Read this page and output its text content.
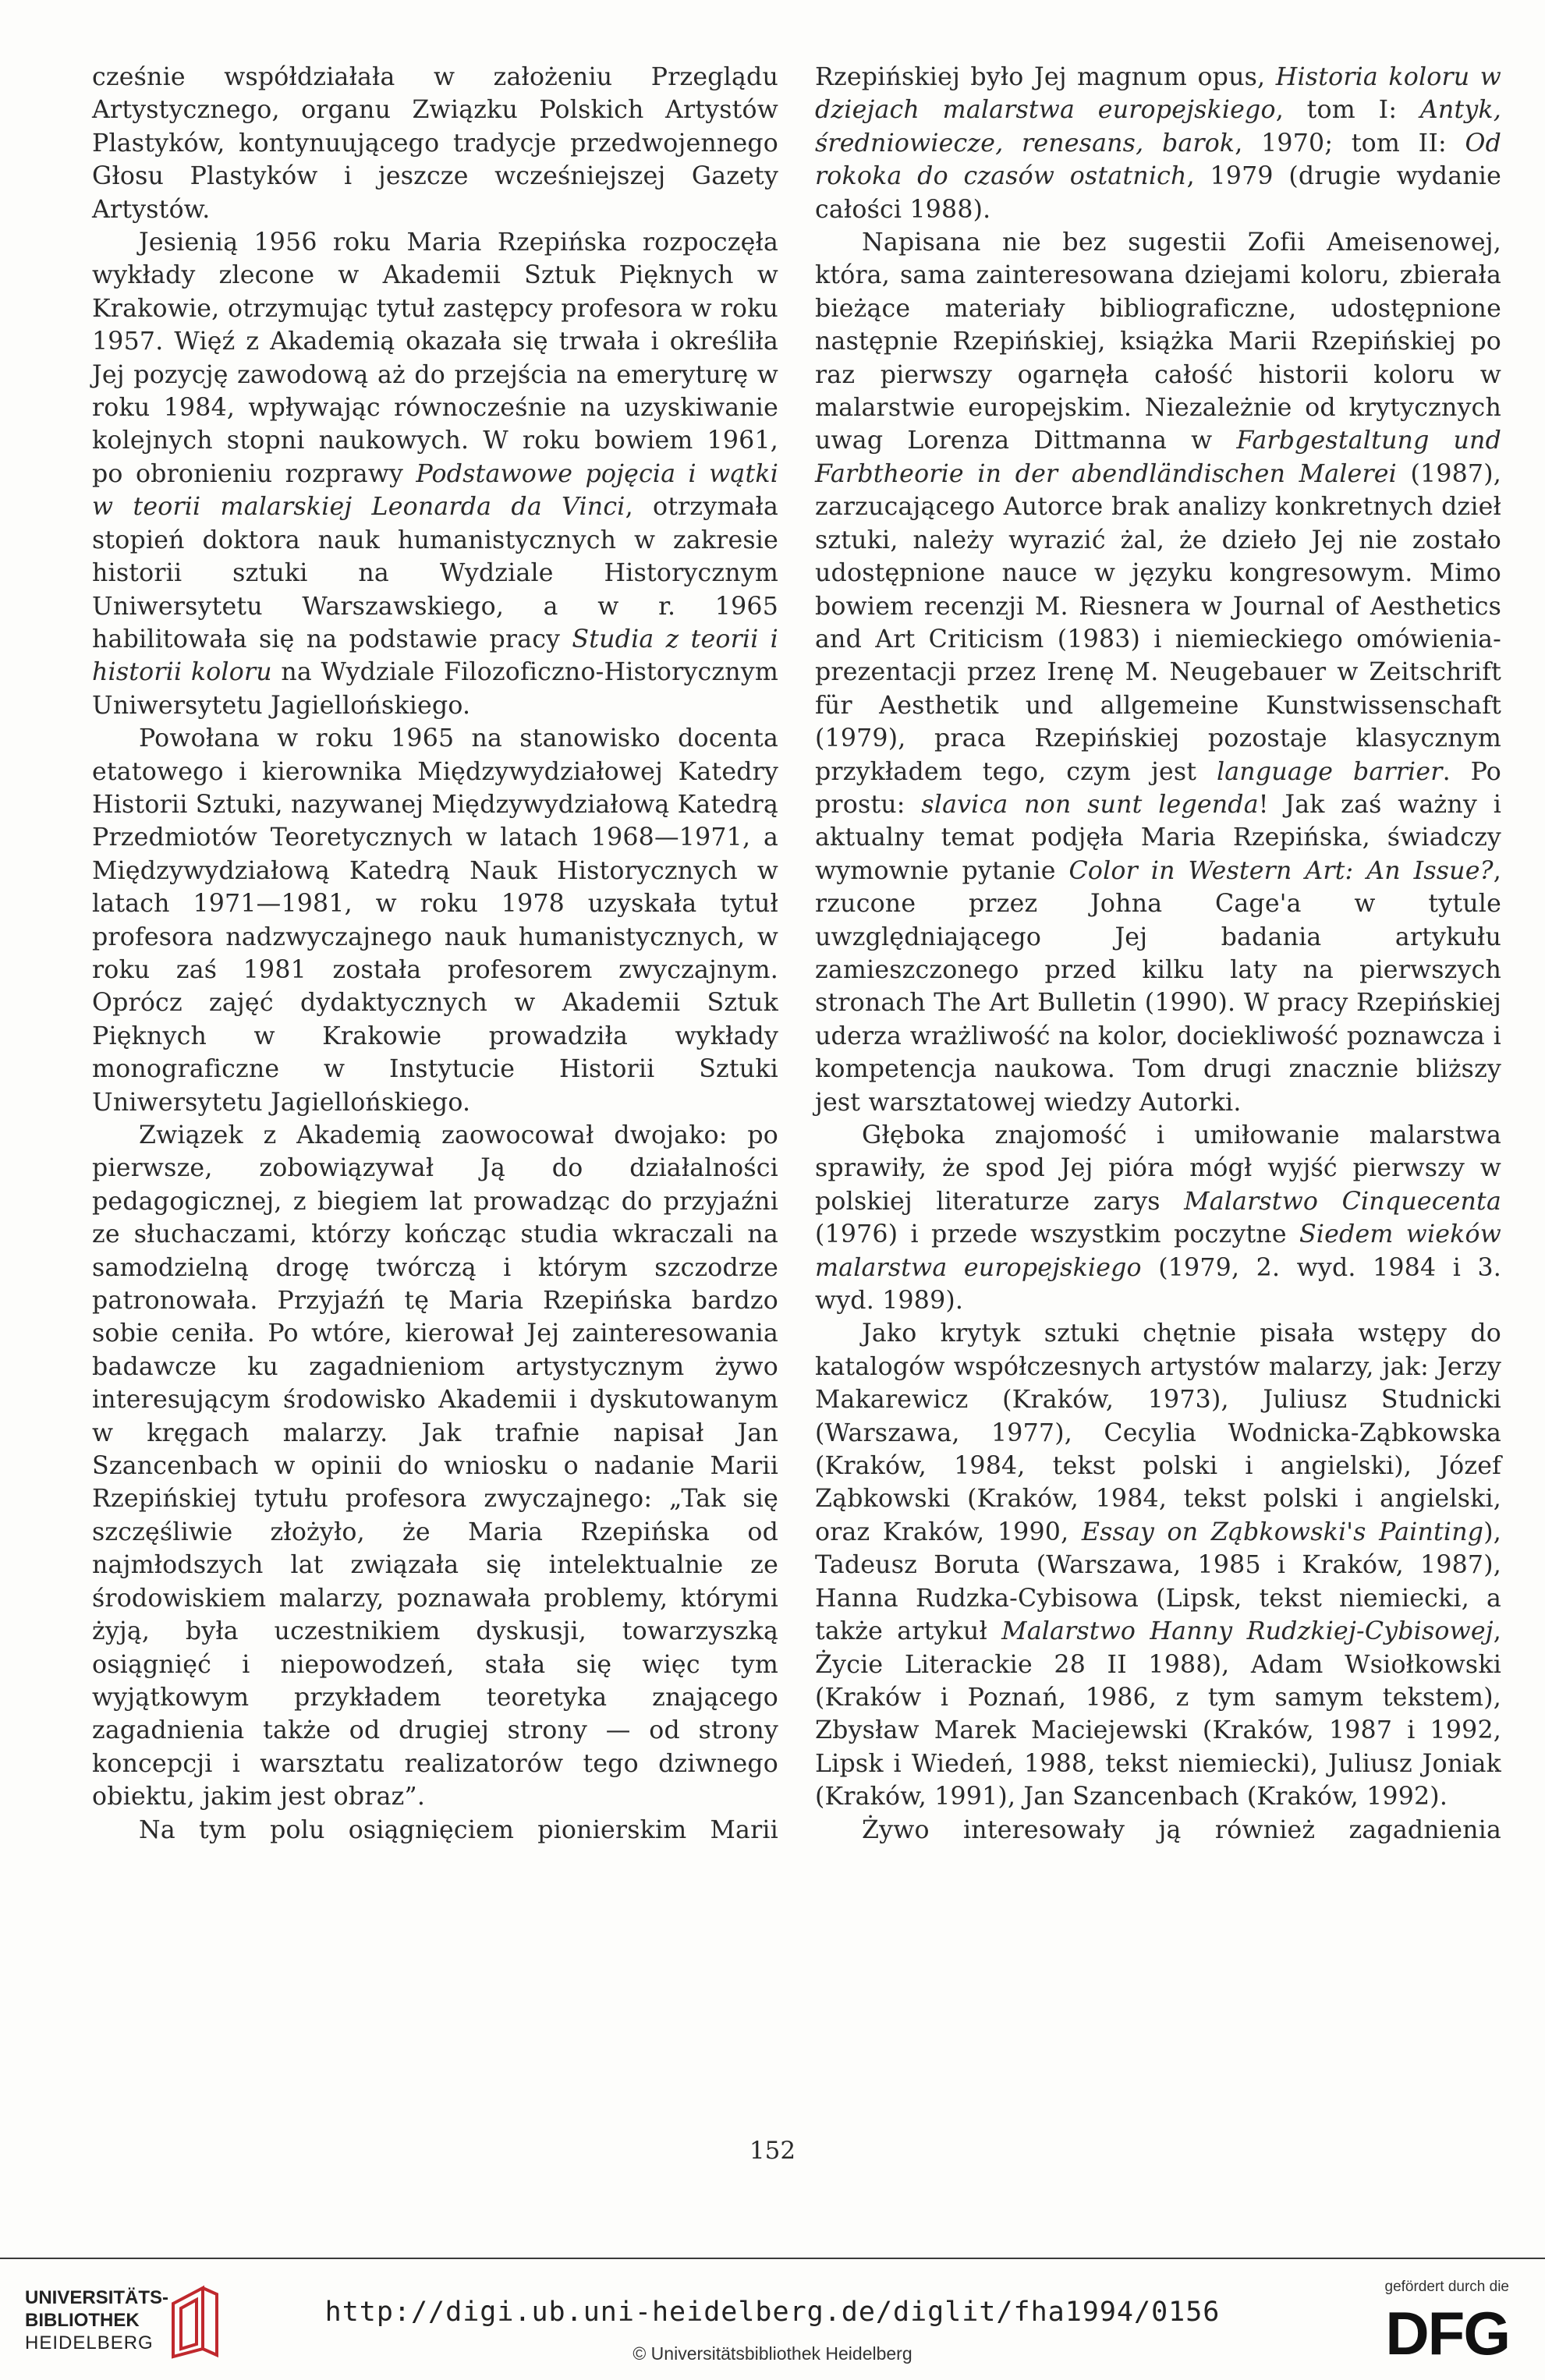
cześnie współdziałała w założeniu Przeglądu Artystycznego, organu Związku Polskich Artystów Plastyków, kontynuującego tradycje przedwojennego Głosu Plastyków i jeszcze wcześniejszej Gazety Artystów.

Jesienią 1956 roku Maria Rzepińska rozpoczęła wykłady zlecone w Akademii Sztuk Pięknych w Krakowie, otrzymując tytuł zastępcy profesora w roku 1957. Więź z Akademią okazała się trwała i określiła Jej pozycję zawodową aż do przejścia na emeryturę w roku 1984, wpływając równocześnie na uzyskiwanie kolejnych stopni naukowych. W roku bowiem 1961, po obronieniu rozprawy Podstawowe pojęcia i wątki w teorii malarskiej Leonarda da Vinci, otrzymała stopień doktora nauk humanistycznych w zakresie historii sztuki na Wydziale Historycznym Uniwersytetu Warszawskiego, a w r. 1965 habilitowała się na podstawie pracy Studia z teorii i historii koloru na Wydziale Filozoficzno-Historycznym Uniwersytetu Jagiellońskiego.

Powołana w roku 1965 na stanowisko docenta etatowego i kierownika Międzywydziałowej Katedry Historii Sztuki, nazywanej Międzywydziałową Katedrą Przedmiotów Teoretycznych w latach 1968—1971, a Międzywydziałową Katedrą Nauk Historycznych w latach 1971—1981, w roku 1978 uzyskała tytuł profesora nadzwyczajnego nauk humanistycznych, w roku zaś 1981 została profesorem zwyczajnym. Oprócz zajęć dydaktycznych w Akademii Sztuk Pięknych w Krakowie prowadziła wykłady monograficzne w Instytucie Historii Sztuki Uniwersytetu Jagiellońskiego.

Związek z Akademią zaowocował dwojako: po pierwsze, zobowiązywał Ją do działalności pedagogicznej, z biegiem lat prowadząc do przyjaźni ze słuchaczami, którzy kończąc studia wkraczali na samodzielną drogę twórczą i którym szczodrze patronowała. Przyjaźń tę Maria Rzepińska bardzo sobie ceniła. Po wtóre, kierował Jej zainteresowania badawcze ku zagadnieniom artystycznym żywo interesującym środowisko Akademii i dyskutowanym w kręgach malarzy. Jak trafnie napisał Jan Szancenbach w opinii do wniosku o nadanie Marii Rzepińskiej tytułu profesora zwyczajnego: „Tak się szczęśliwie złożyło, że Maria Rzepińska od najmłodszych lat związała się intelektualnie ze środowiskiem malarzy, poznawała problemy, którymi żyją, była uczestnikiem dyskusji, towarzyszką osiągnięć i niepowodzeń, stała się więc tym wyjątkowym przykładem teoretyka znającego zagadnienia także od drugiej strony — od strony koncepcji i warsztatu realizatorów tego dziwnego obiektu, jakim jest obraz”.

Na tym polu osiągnięciem pionierskim Marii

Rzepińskiej było Jej magnum opus, Historia koloru w dziejach malarstwa europejskiego, tom I: Antyk, średniowiecze, renesans, barok, 1970; tom II: Od rokoka do czasów ostatnich, 1979 (drugie wydanie całości 1988).

Napisana nie bez sugestii Zofii Ameisenowej, która, sama zainteresowana dziejami koloru, zbierała bieżące materiały bibliograficzne, udostępnione następnie Rzepińskiej, książka Marii Rzepińskiej po raz pierwszy ogarnęła całość historii koloru w malarstwie europejskim. Niezależnie od krytycznych uwag Lorenza Dittmanna w Farbgestaltung und Farbtheorie in der abendländischen Malerei (1987), zarzucającego Autorce brak analizy konkretnych dzieł sztuki, należy wyrazić żal, że dzieło Jej nie zostało udostępnione nauce w języku kongresowym. Mimo bowiem recenzji M. Riesnera w Journal of Aesthetics and Art Criticism (1983) i niemieckiego omówienia-prezentacji przez Irenę M. Neugebauer w Zeitschrift für Aesthetik und allgemeine Kunstwissenschaft (1979), praca Rzepińskiej pozostaje klasycznym przykładem tego, czym jest language barrier. Po prostu: slavica non sunt legenda! Jak zaś ważny i aktualny temat podjęła Maria Rzepińska, świadczy wymownie pytanie Color in Western Art: An Issue?, rzucone przez Johna Cage'a w tytule uwzględniającego Jej badania artykułu zamieszczonego przed kilku laty na pierwszych stronach The Art Bulletin (1990). W pracy Rzepińskiej uderza wrażliwość na kolor, dociekliwość poznawcza i kompetencja naukowa. Tom drugi znacznie bliższy jest warsztatowej wiedzy Autorki.

Głęboka znajomość i umiłowanie malarstwa sprawiły, że spod Jej pióra mógł wyjść pierwszy w polskiej literaturze zarys Malarstwo Cinquecenta (1976) i przede wszystkim poczytne Siedem wieków malarstwa europejskiego (1979, 2. wyd. 1984 i 3. wyd. 1989).

Jako krytyk sztuki chętnie pisała wstępy do katalogów współczesnych artystów malarzy, jak: Jerzy Makarewicz (Kraków, 1973), Juliusz Studnicki (Warszawa, 1977), Cecylia Wodnicka-Ząbkowska (Kraków, 1984, tekst polski i angielski), Józef Ząbkowski (Kraków, 1984, tekst polski i angielski, oraz Kraków, 1990, Essay on Ząbkowski's Painting), Tadeusz Boruta (Warszawa, 1985 i Kraków, 1987), Hanna Rudzka-Cybisowa (Lipsk, tekst niemiecki, a także artykuł Malarstwo Hanny Rudzkiej-Cybisowej, Życie Literackie 28 II 1988), Adam Wsiołkowski (Kraków i Poznań, 1986, z tym samym tekstem), Zbysław Marek Maciejewski (Kraków, 1987 i 1992, Lipsk i Wiedeń, 1988, tekst niemiecki), Juliusz Joniak (Kraków, 1991), Jan Szancenbach (Kraków, 1992).

Żywo interesowały ją również zagadnienia

152
UNIVERSITÄTS-
BIBLIOTHEK
HEIDELBERG
http://digi.ub.uni-heidelberg.de/diglit/fha1994/0156
© Universitätsbibliothek Heidelberg
gefördert durch die
DFG
